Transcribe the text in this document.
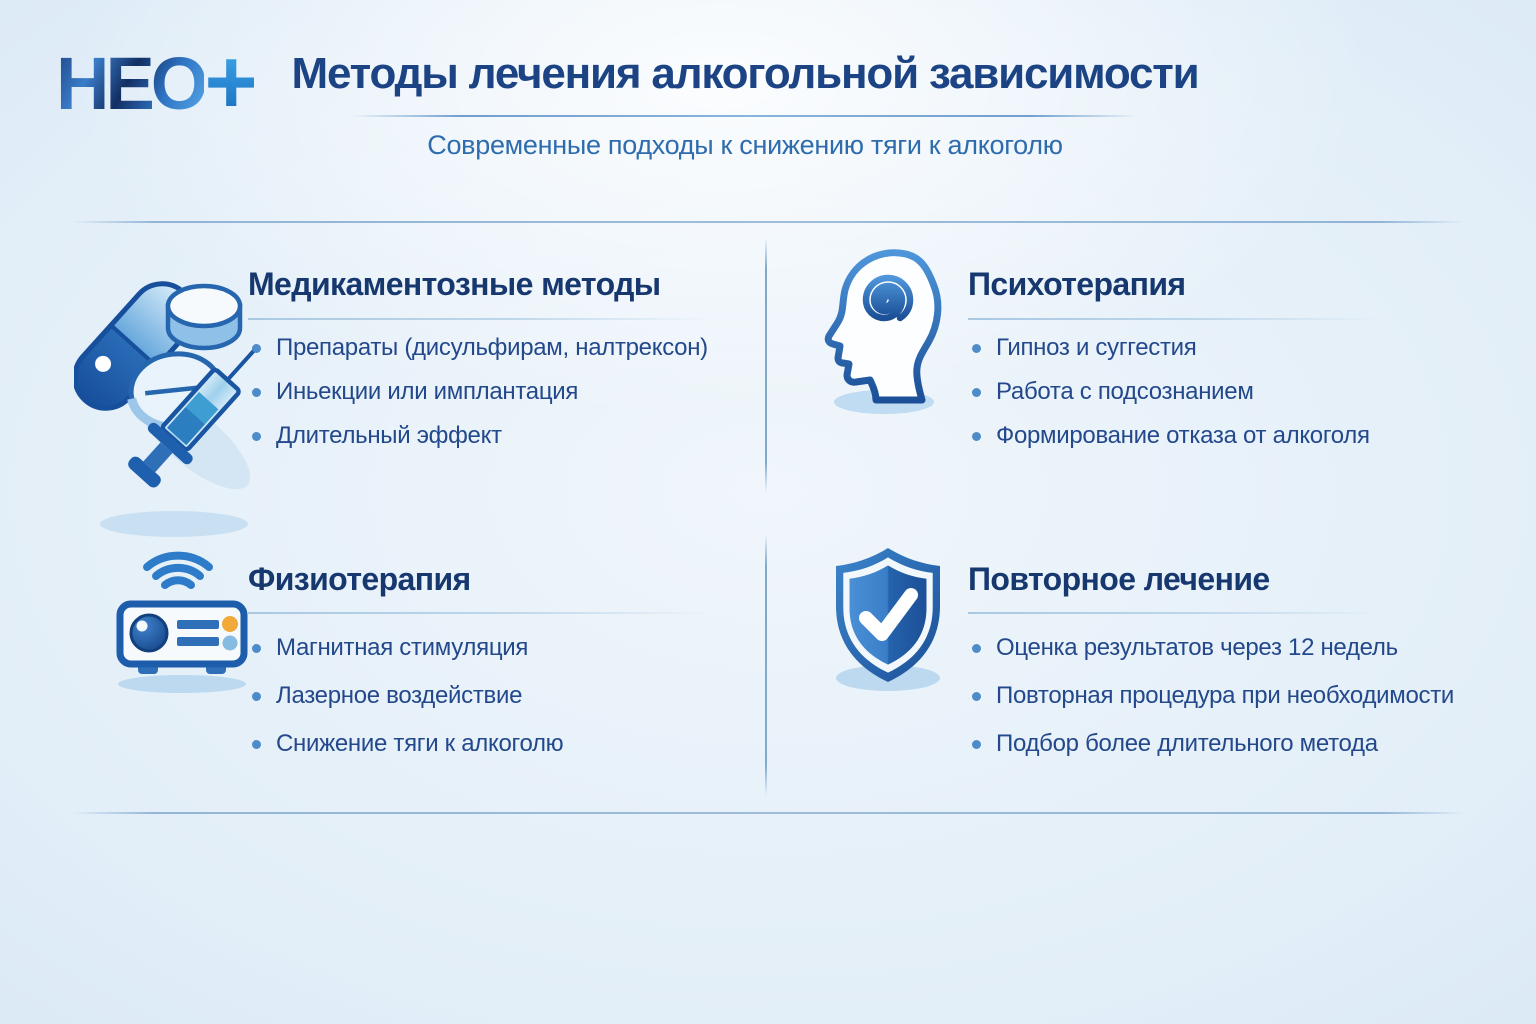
HEO + Методы лечения алкогольной зависимости
Современные подходы к снижению тяги к алкоголю
Медикаментозные методы
Препараты (дисульфирам, налтрексон)
Иньекции или имплантация
Длительный эффект
Психотерапия
Гипноз и суггестия
Работа с подсознанием
Формирование отказа от алкоголя
Физиотерапия
Магнитная стимуляция
Лазерное воздействие
Снижение тяги к алкоголю
Повторное лечение
Оценка результатов через 12 недель
Повторная процедура при необходимости
Подбор более длительного метода
